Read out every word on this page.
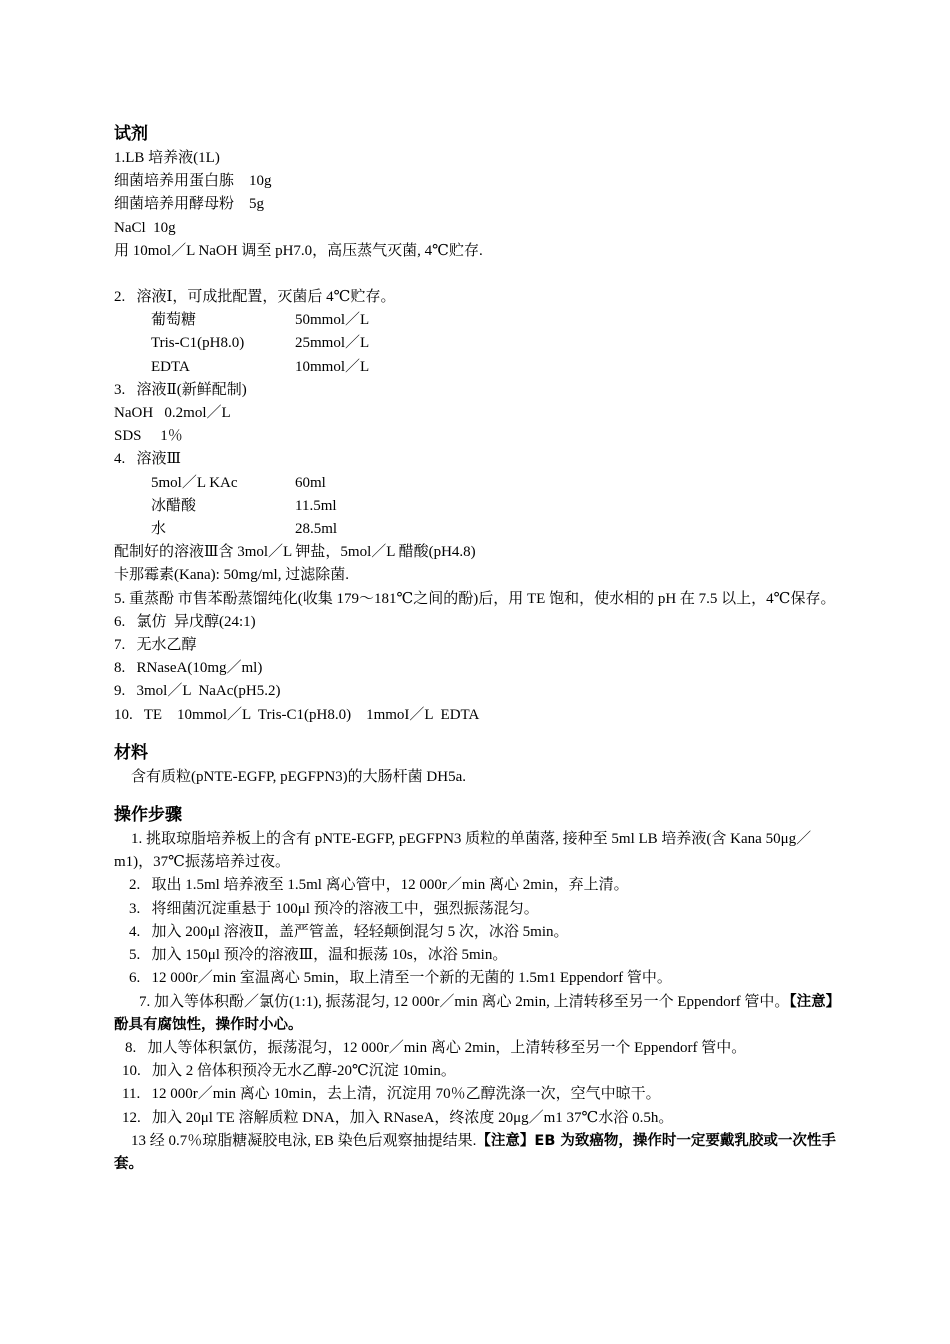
试剂
1.LB 培养液(1L)
细菌培养用蛋白胨    10g
细菌培养用酵母粉    5g
NaCl  10g
用 10mol／L NaOH 调至 pH7.0，高压蒸气灭菌, 4℃贮存.
2.   溶液Ⅰ，可成批配置，灭菌后 4℃贮存。
葡萄糖	50mmol／L
Tris-C1(pH8.0)	25mmol／L
EDTA	10mmol／L
3.   溶液Ⅱ(新鲜配制)
NaOH   0.2mol／L
SDS     1％
4.   溶液Ⅲ
5mol／L KAc	60ml
冰醋酸	11.5ml
水	28.5ml
配制好的溶液Ⅲ含 3mol／L 钾盐，5mol／L 醋酸(pH4.8)
卡那霉素(Kana): 50mg/ml, 过滤除菌.
5. 重蒸酚 市售苯酚蒸馏纯化(收集 179～181℃之间的酚)后，用 TE 饱和，使水相的 pH 在 7.5 以上，4℃保存。
6.   氯仿  异戊醇(24:1)
7.   无水乙醇
8.   RNaseA(10mg／ml)
9.   3mol／L  NaAc(pH5.2)
10.   TE    10mmol／L  Tris-C1(pH8.0)    1mmoI／L  EDTA
材料
含有质粒(pNTE-EGFP, pEGFPN3)的大肠杆菌 DH5a.
操作步骤
1. 挑取琼脂培养板上的含有 pNTE-EGFP, pEGFPN3 质粒的单菌落, 接种至 5ml LB 培养液(含 Kana 50μg／m1)，37℃振荡培养过夜。
2.   取出 1.5ml 培养液至 1.5ml 离心管中，12 000r／min 离心 2min，弃上清。
3.   将细菌沉淀重悬于 100μl 预冷的溶液工中，强烈振荡混匀。
4.   加入 200μl 溶液Ⅱ，盖严管盖，轻轻颠倒混匀 5 次，冰浴 5min。
5.   加入 150μl 预冷的溶液Ⅲ，温和振荡 10s，冰浴 5min。
6.   12 000r／min 室温离心 5min，取上清至一个新的无菌的 1.5m1 Eppendorf 管中。
7. 加入等体积酚／氯仿(1:1), 振荡混匀, 12 000r／min 离心 2min, 上清转移至另一个 Eppendorf 管中。【注意】酚具有腐蚀性，操作时小心。
8.   加人等体积氯仿，振荡混匀，12 000r／min 离心 2min，上清转移至另一个 Eppendorf 管中。
10.   加入 2 倍体积预冷无水乙醇-20℃沉淀 10min。
11.   12 000r／min 离心 10min，去上清，沉淀用 70％乙醇洗涤一次，空气中晾干。
12.   加入 20μl TE 溶解质粒 DNA，加入 RNaseA，终浓度 20μg／m1 37℃水浴 0.5h。
13 经 0.7％琼脂糖凝胶电泳, EB 染色后观察抽提结果.【注意】EB 为致癌物，操作时一定要戴乳胶或一次性手套。
